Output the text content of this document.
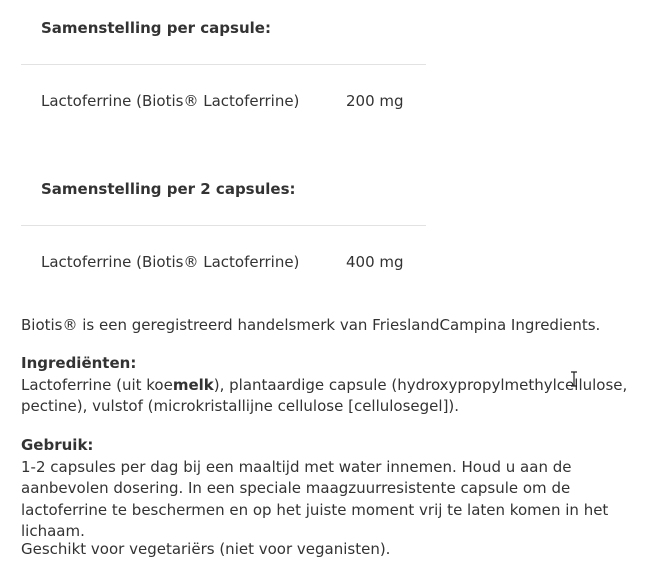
Samenstelling per capsule:
Lactoferrine (Biotis® Lactoferrine)	200 mg
Samenstelling per 2 capsules:
Lactoferrine (Biotis® Lactoferrine)	400 mg
Biotis® is een geregistreerd handelsmerk van FrieslandCampina Ingredients.
Ingrediënten:
Lactoferrine (uit koemelk), plantaardige capsule (hydroxypropylmethylcellulose, pectine), vulstof (microkristallijne cellulose [cellulosegel]).
Gebruik:
1-2 capsules per dag bij een maaltijd met water innemen. Houd u aan de aanbevolen dosering. In een speciale maagzuurresistente capsule om de lactoferrine te beschermen en op het juiste moment vrij te laten komen in het lichaam.
Geschikt voor vegetariërs (niet voor veganisten).
